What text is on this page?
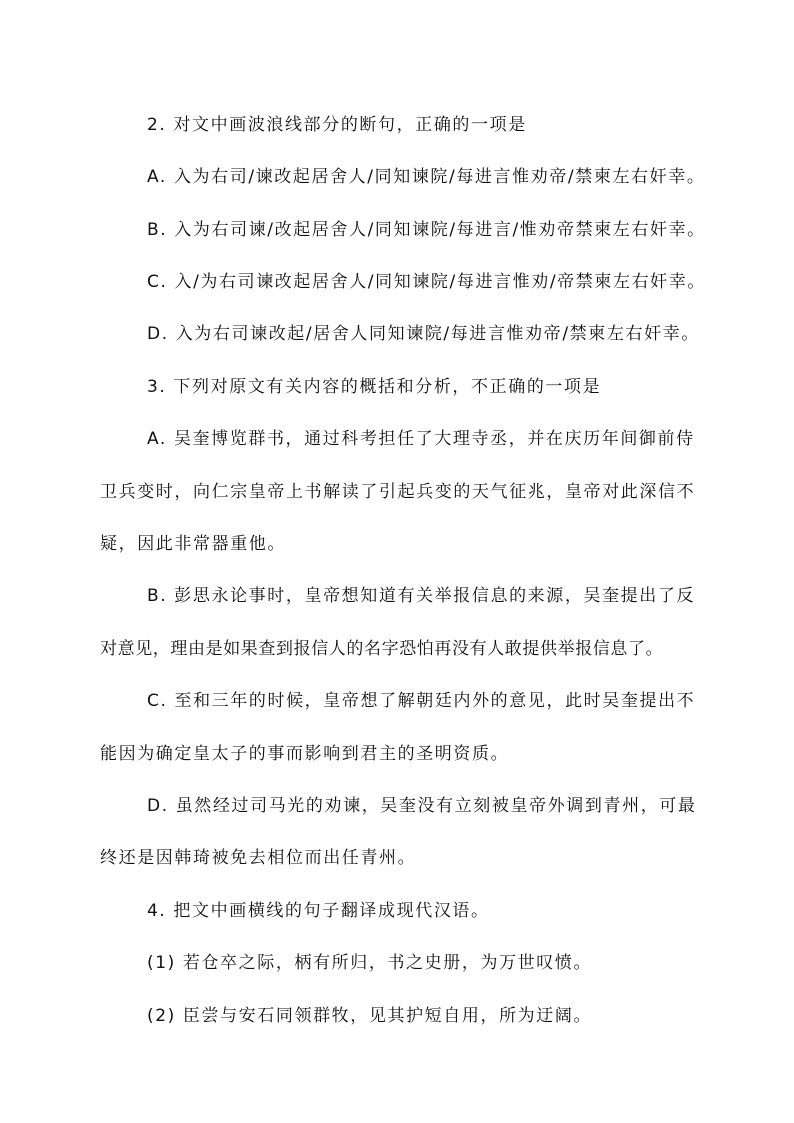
2. 对文中画波浪线部分的断句，正确的一项是
A. 入为右司/谏改起居舍人/同知谏院/每进言惟劝帝/禁柬左右奸幸。
B. 入为右司谏/改起居舍人/同知谏院/每进言/惟劝帝禁柬左右奸幸。
C. 入/为右司谏改起居舍人/同知谏院/每进言惟劝/帝禁柬左右奸幸。
D. 入为右司谏改起/居舍人同知谏院/每进言惟劝帝/禁柬左右奸幸。
3. 下列对原文有关内容的概括和分析，不正确的一项是
A. 吴奎博览群书，通过科考担任了大理寺丞，并在庆历年间御前侍
卫兵变时，向仁宗皇帝上书解读了引起兵变的天气征兆，皇帝对此深信不
疑，因此非常器重他。
B. 彭思永论事时，皇帝想知道有关举报信息的来源，吴奎提出了反
对意见，理由是如果查到报信人的名字恐怕再没有人敢提供举报信息了。
C. 至和三年的时候，皇帝想了解朝廷内外的意见，此时吴奎提出不
能因为确定皇太子的事而影响到君主的圣明资质。
D. 虽然经过司马光的劝谏，吴奎没有立刻被皇帝外调到青州，可最
终还是因韩琦被免去相位而出任青州。
4. 把文中画横线的句子翻译成现代汉语。
(1) 若仓卒之际，柄有所归，书之史册，为万世叹愤。
(2) 臣尝与安石同领群牧，见其护短自用，所为迂阔。
